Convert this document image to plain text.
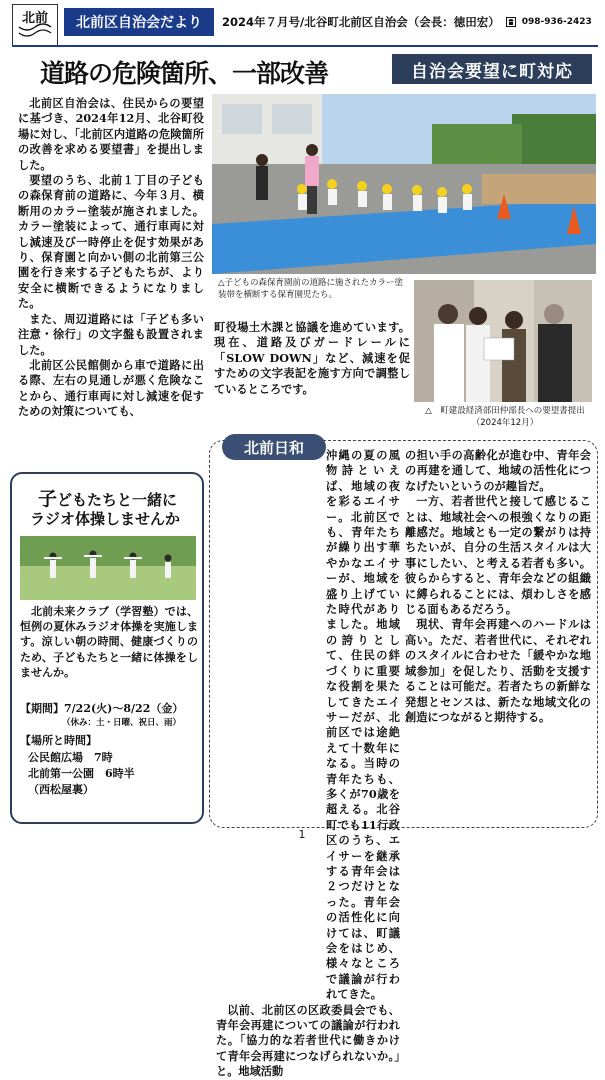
北前 北前区自治会だより 2024年７月号/北谷町北前区自治会（会長：徳田宏） 098-936-2423
道路の危険箇所、一部改善	自治会要望に町対応

北前区自治会は、住民からの要望に基づき、2024年12月、北谷町役場に対し、「北前区内道路の危険箇所の改善を求める要望書」を提出しました。

要望のうち、北前１丁目の子どもの森保育前の道路に、今年３月、横断用のカラー塗装が施されました。カラー塗装によって、通行車両に対し減速及び一時停止を促す効果があり、保育園と向かい側の北前第三公園を行き来する子どもたちが、より安全に横断できるようになりました。

また、周辺道路には「子ども多い　注意・徐行」の文字盤も設置されました。

北前区公民館側から車で道路に出る際、左右の見通しが悪く危険なことから、通行車両に対し減速を促すための対策についても、

△子どもの森保育園前の道路に施されたカラー塗装帯を横断する保育園児たち。
△　町建設経済部田仲部長への要望書提出（2024年12月）

町役場土木課と協議を進めています。現在、道路及びガードレールに「SLOW DOWN」など、減速を促すための文字表記を施す方向で調整しているところです。

北前日和	沖縄の夏の風物詩といえば、地域の夜を彩るエイサー。北前区でも、青年たちが繰り出す華やかなエイサーが、地域を盛り上げていた時代がありました。地域の誇りとして、住民の絆づくりに重要な役割を果たしてきたエイサーだが、北前区では途絶えて十数年になる。当時の青年たちも、多くが70歳を超える。北谷町でも11行政区のうち、エイサーを継承する青年会は２つだけとなった。青年会の活性化に向けては、町議会をはじめ、様々なところで議論が行われてきた。

以前、北前区の区政委員会でも、青年会再建についての議論が行われた。「協力的な若者世代に働きかけて青年会再建につなげられないか。」と。地域活動

の担い手の高齢化が進む中、青年会の再建を通して、地域の活性化につなげたいというのが趣旨だ。

一方、若者世代と接して感じることは、地域社会への根強くなりの距離感だ。地域とも一定の繋がりは持ちたいが、自分の生活スタイルは大事にしたい、と考える若者も多い。彼らからすると、青年会などの組織に縛られることには、煩わしさを感じる面もあるだろう。

現状、青年会再建へのハードルは高い。ただ、若者世代に、それぞれのスタイルに合わせた「緩やかな地域参加」を促したり、活動を支援することは可能だ。若者たちの新鮮な発想とセンスは、新たな地域文化の創造につながると期待する。

子どもたちと一緒に
ラジオ体操しませんか

北前未来クラブ（学習塾）では、恒例の夏休みラジオ体操を実施します。涼しい朝の時間、健康づくりのため、子どもたちと一緒に体操をしませんか。

【期間】7/22(火)～8/22（金）
（休み：土・日曜、祝日、雨）
【場所と時間】
公民館広場　7時
北前第一公園　6時半
（西松屋裏）
1
